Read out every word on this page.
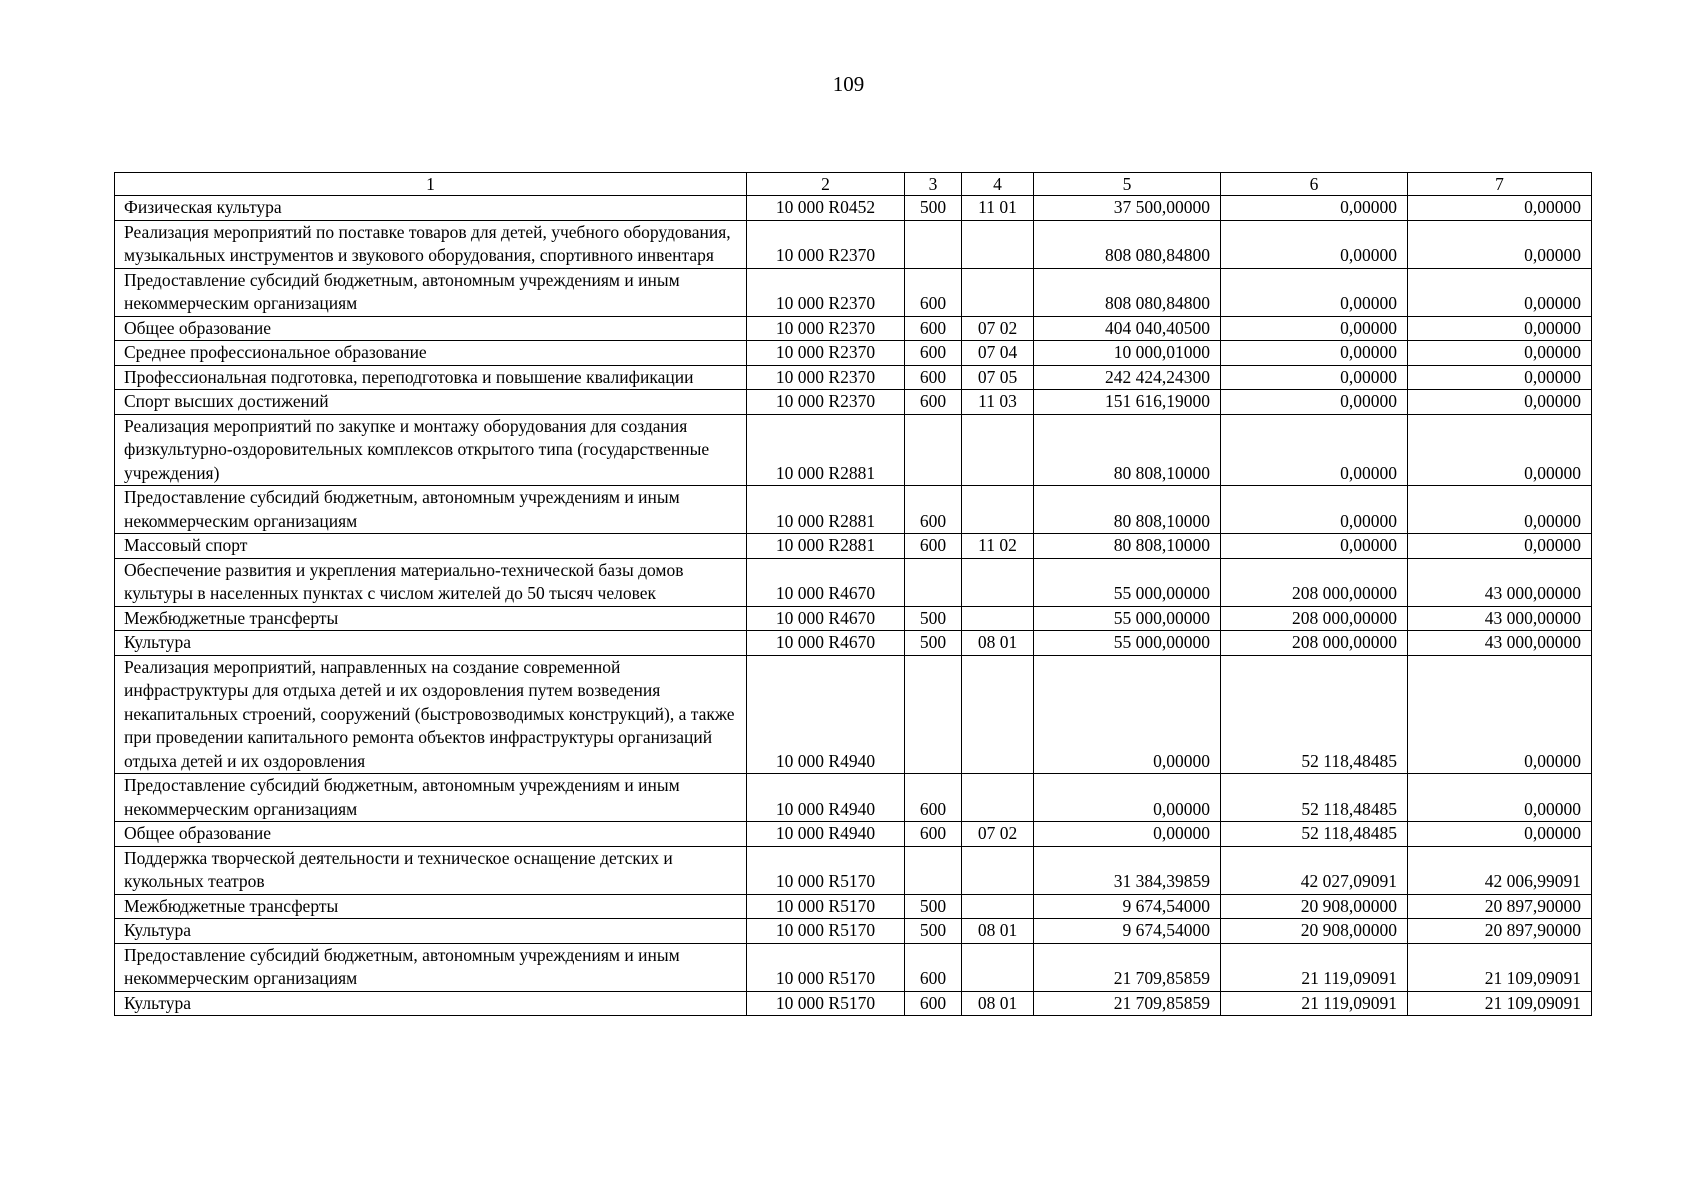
109
1	2	3	4	5	6	7
Физическая культура	10 000 R0452	500	11 01	37 500,00000	0,00000	0,00000
Реализация мероприятий по поставке товаров для детей, учебного оборудования, музыкальных инструментов и звукового оборудования, спортивного инвентаря	10 000 R2370			808 080,84800	0,00000	0,00000
Предоставление субсидий бюджетным, автономным учреждениям и иным некоммерческим организациям	10 000 R2370	600		808 080,84800	0,00000	0,00000
Общее образование	10 000 R2370	600	07 02	404 040,40500	0,00000	0,00000
Среднее профессиональное образование	10 000 R2370	600	07 04	10 000,01000	0,00000	0,00000
Профессиональная подготовка, переподготовка и повышение квалификации	10 000 R2370	600	07 05	242 424,24300	0,00000	0,00000
Спорт высших достижений	10 000 R2370	600	11 03	151 616,19000	0,00000	0,00000
Реализация мероприятий по закупке и монтажу оборудования для создания физкультурно-оздоровительных комплексов открытого типа (государственные учреждения)	10 000 R2881			80 808,10000	0,00000	0,00000
Предоставление субсидий бюджетным, автономным учреждениям и иным некоммерческим организациям	10 000 R2881	600		80 808,10000	0,00000	0,00000
Массовый спорт	10 000 R2881	600	11 02	80 808,10000	0,00000	0,00000
Обеспечение развития и укрепления материально-технической базы домов культуры в населенных пунктах с числом жителей до 50 тысяч человек	10 000 R4670			55 000,00000	208 000,00000	43 000,00000
Межбюджетные трансферты	10 000 R4670	500		55 000,00000	208 000,00000	43 000,00000
Культура	10 000 R4670	500	08 01	55 000,00000	208 000,00000	43 000,00000
Реализация мероприятий, направленных на создание современной инфраструктуры для отдыха детей и их оздоровления путем возведения некапитальных строений, сооружений (быстровозводимых конструкций), а также при проведении капитального ремонта объектов инфраструктуры организаций отдыха детей и их оздоровления	10 000 R4940			0,00000	52 118,48485	0,00000
Предоставление субсидий бюджетным, автономным учреждениям и иным некоммерческим организациям	10 000 R4940	600		0,00000	52 118,48485	0,00000
Общее образование	10 000 R4940	600	07 02	0,00000	52 118,48485	0,00000
Поддержка творческой деятельности и техническое оснащение детских и кукольных театров	10 000 R5170			31 384,39859	42 027,09091	42 006,99091
Межбюджетные трансферты	10 000 R5170	500		9 674,54000	20 908,00000	20 897,90000
Культура	10 000 R5170	500	08 01	9 674,54000	20 908,00000	20 897,90000
Предоставление субсидий бюджетным, автономным учреждениям и иным некоммерческим организациям	10 000 R5170	600		21 709,85859	21 119,09091	21 109,09091
Культура	10 000 R5170	600	08 01	21 709,85859	21 119,09091	21 109,09091
